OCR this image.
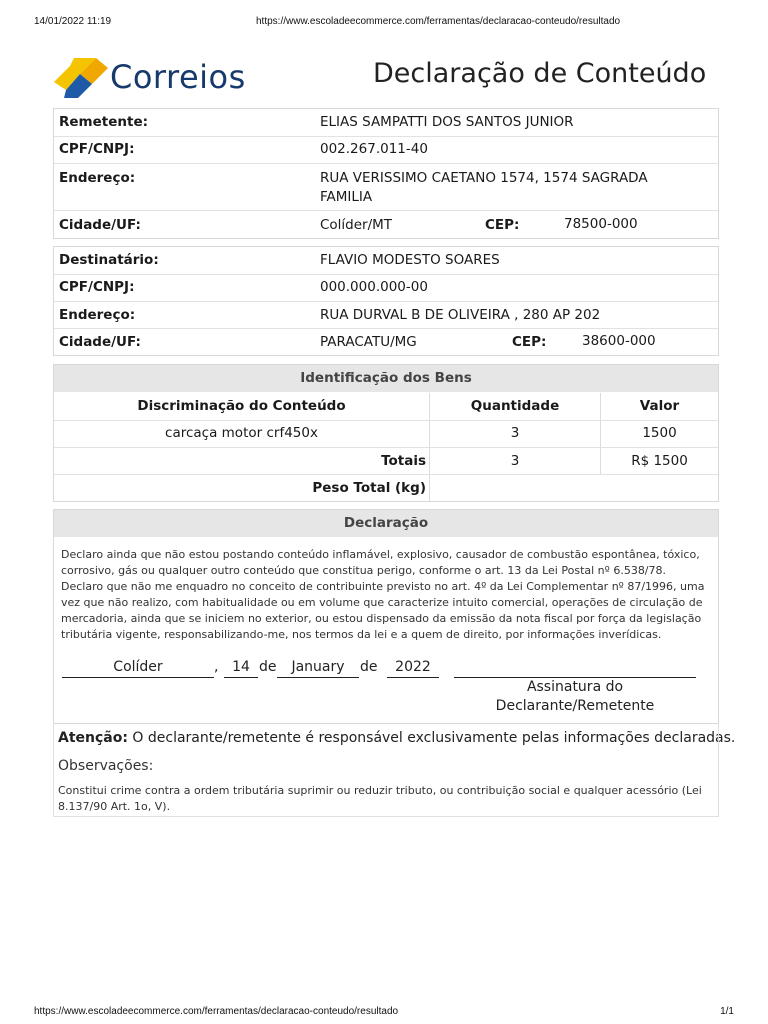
14/01/2022 11:19	https://www.escoladeecommerce.com/ferramentas/declaracao-conteudo/resultado
Correios	Declaração de Conteúdo
Remetente:	ELIAS SAMPATTI DOS SANTOS JUNIOR
CPF/CNPJ:	002.267.011-40
Endereço:	RUA VERISSIMO CAETANO 1574, 1574 SAGRADA
FAMILIA
Cidade/UF:	Colíder/MT	CEP:	78500-000
Destinatário:	FLAVIO MODESTO SOARES
CPF/CNPJ:	000.000.000-00
Endereço:	RUA DURVAL B DE OLIVEIRA , 280 AP 202
Cidade/UF:	PARACATU/MG	CEP:	38600-000
Identificação dos Bens
Discriminação do Conteúdo	Quantidade	Valor
carcaça motor crf450x	3	1500
Totais	3	R$ 1500
Peso Total (kg)
Declaração
Declaro ainda que não estou postando conteúdo inflamável, explosivo, causador de combustão espontânea, tóxico, corrosivo, gás ou qualquer outro conteúdo que constitua perigo, conforme o art. 13 da Lei Postal nº 6.538/78. Declaro que não me enquadro no conceito de contribuinte previsto no art. 4º da Lei Complementar nº 87/1996, uma vez que não realizo, com habitualidade ou em volume que caracterize intuito comercial, operações de circulação de mercadoria, ainda que se iniciem no exterior, ou estou dispensado da emissão da nota fiscal por força da legislação tributária vigente, responsabilizando-me, nos termos da lei e a quem de direito, por informações inverídicas.
Colíder	, 14 de	January	de	2022
Assinatura do
Declarante/Remetente
Atenção: O declarante/remetente é responsável exclusivamente pelas informações declaradas.
Observações:
Constitui crime contra a ordem tributária suprimir ou reduzir tributo, ou contribuição social e qualquer acessório (Lei 8.137/90 Art. 1o, V).
https://www.escoladeecommerce.com/ferramentas/declaracao-conteudo/resultado	1/1
